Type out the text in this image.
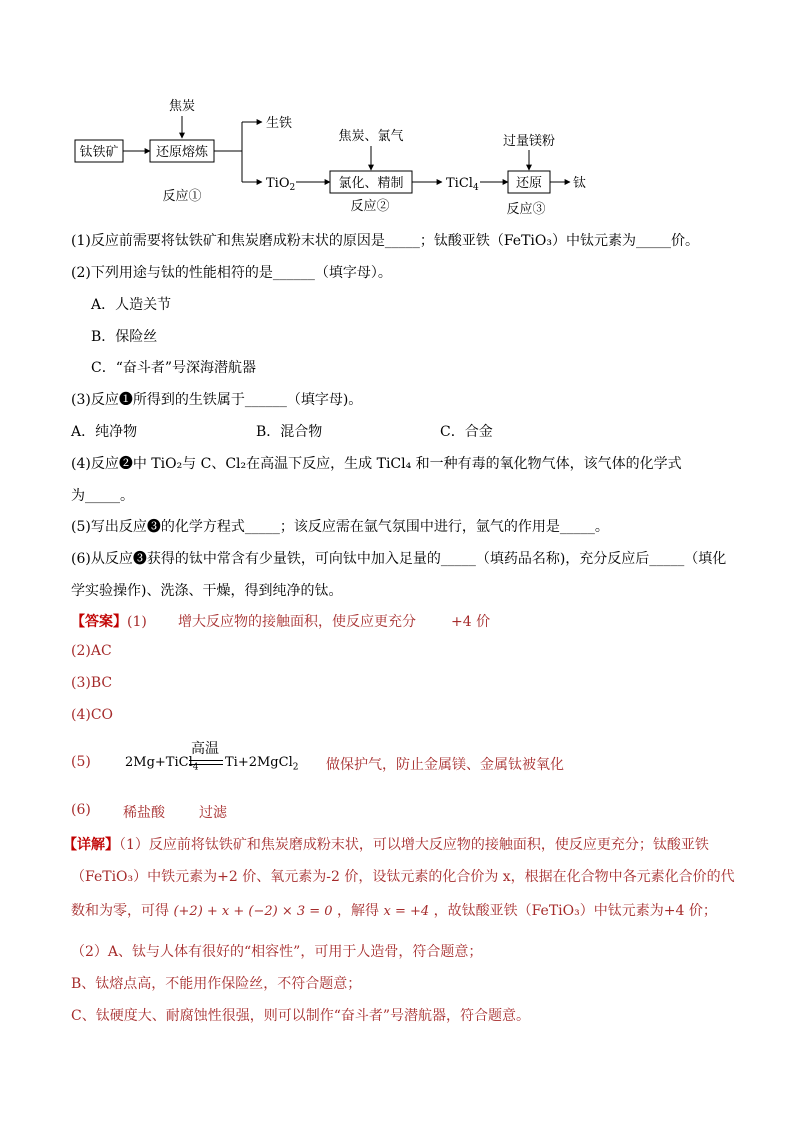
钛铁矿
焦炭
还原熔炼
生铁
TiO$_2$
反应①
焦炭、氯气
氯化、精制
反应②
TiCl$_4$
过量镁粉
还原 钛
反应③
(1)反应前需要将钛铁矿和焦炭磨成粉末状的原因是_____；钛酸亚铁（FeTiO₃）中钛元素为_____价。
(2)下列用途与钛的性能相符的是______（填字母）。
A．人造关节
B．保险丝
C．“奋斗者”号深海潜航器
(3)反应❶所得到的生铁属于______（填字母)。
A．纯净物	B．混合物	C．合金
(4)反应❷中 TiO₂与 C、Cl₂在高温下反应，生成 TiCl₄ 和一种有毒的氧化物气体，该气体的化学式
为_____。
(5)写出反应❸的化学方程式_____；该反应需在氩气氛围中进行，氩气的作用是_____。
(6)从反应❸获得的钛中常含有少量铁，可向钛中加入足量的_____（填药品名称)，充分反应后_____（填化
学实验操作)、洗涤、干燥，得到纯净的钛。
【答案】(1) 增大反应物的接触面积，使反应更充分	+4 价
(2)AC
(3)BC
(4)CO
(5)	2Mg+TiCl$_4$
高温
Ti+2MgCl$_2$ 做保护气，防止金属镁、金属钛被氧化
(6) 稀盐酸 过滤
【详解】（1）反应前将钛铁矿和焦炭磨成粉末状，可以增大反应物的接触面积，使反应更充分；钛酸亚铁
（FeTiO₃）中铁元素为+2 价、氧元素为-2 价，设钛元素的化合价为 x，根据在化合物中各元素化合价的代
数和为零，可得 (+2) + x + (−2) × 3 = 0 ，解得 x = +4 ，故钛酸亚铁（FeTiO₃）中钛元素为+4 价；
（2）A、钛与人体有很好的“相容性”，可用于人造骨，符合题意；
B、钛熔点高，不能用作保险丝，不符合题意；
C、钛硬度大、耐腐蚀性很强，则可以制作“奋斗者”号潜航器，符合题意。
